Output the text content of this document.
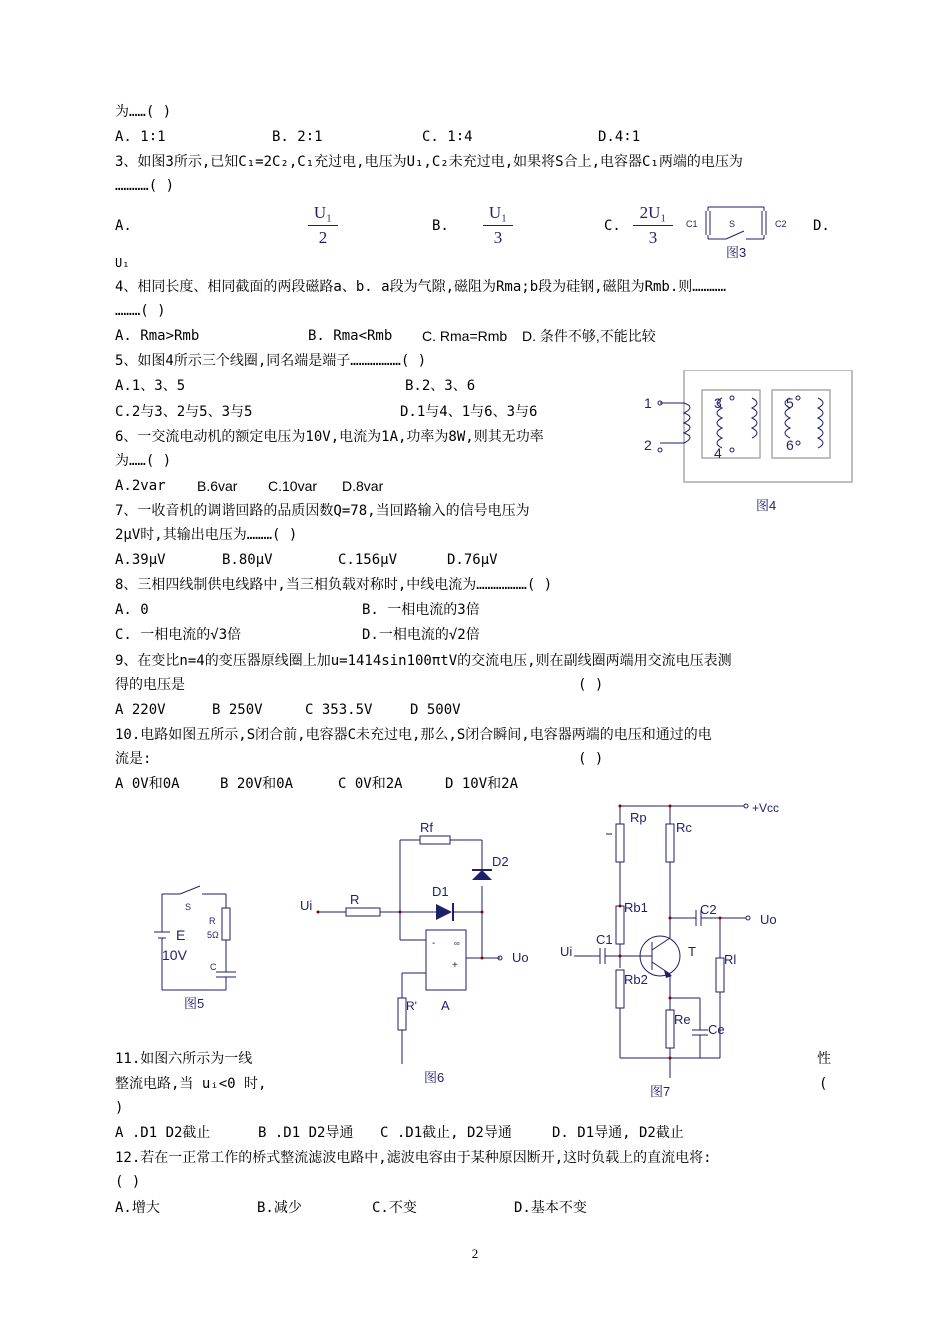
为……( )
A. 1∶1	B. 2∶1	C. 1∶4	D.4∶1
3、如图3所示,已知C₁=2C₂,C₁充过电,电压为U₁,C₂未充过电,如果将S合上,电容器C₁两端的电压为
…………( )
A.
U₁
2
B.
U₁
3
C.
2U₁
3
D.
U₁
C1	S	C2
图3
4、相同长度、相同截面的两段磁路a、b. a段为气隙,磁阻为Rma;b段为硅钢,磁阻为Rmb.则…………
………( )
A. Rma>Rmb	B. Rma<Rmb C. Rma=Rmb D. 条件不够,不能比较
5、如图4所示三个线圈,同名端是端子………………( )
A.1、3、5	B.2、3、6
C.2与3、2与5、3与5	D.1与4、1与6、3与6
1
2
3
4
5
6
图4
6、一交流电动机的额定电压为10V,电流为1A,功率为8W,则其无功率
为……( )
A.2var B.6var C.10var D.8var
7、一收音机的调谐回路的品质因数Q=78,当回路输入的信号电压为
2μV时,其输出电压为………( )
A.39μV	B.80μV	C.156μV	D.76μV
8、三相四线制供电线路中,当三相负载对称时,中线电流为………………( )
A. 0	B. 一相电流的3倍
C. 一相电流的√3倍	D.一相电流的√2倍
9、在变比n=4的变压器原线圈上加u=1414sin100πtV的交流电压,则在副线圈两端用交流电压表测
得的电压是	( )
A 220V	B 250V	C 353.5V	D 500V
10.电路如图五所示,S闭合前,电容器C未充过电,那么,S闭合瞬间,电容器两端的电压和通过的电
流是:	( )
A 0V和0A	B 20V和0A	C 0V和2A	D 10V和2A
S
R
5Ω
E
10V
C
图5
Rf
D2
D1
Ui	R
Uo
R' A
∞
+
-
图6
+Vcc
Rp
Rc
Rb1	C2
Uo
Ui
C1
T
Rb2
Rl
Re
Ce
图7
11.如图六所示为一线	性
整流电路,当 uᵢ<0 时,	(
)
A .D1 D2截止	B .D1 D2导通 C .D1截止, D2导通	D. D1导通, D2截止
12.若在一正常工作的桥式整流滤波电路中,滤波电容由于某种原因断开,这时负载上的直流电将:
( )
A.增大	B.减少	C.不变	D.基本不变
2
